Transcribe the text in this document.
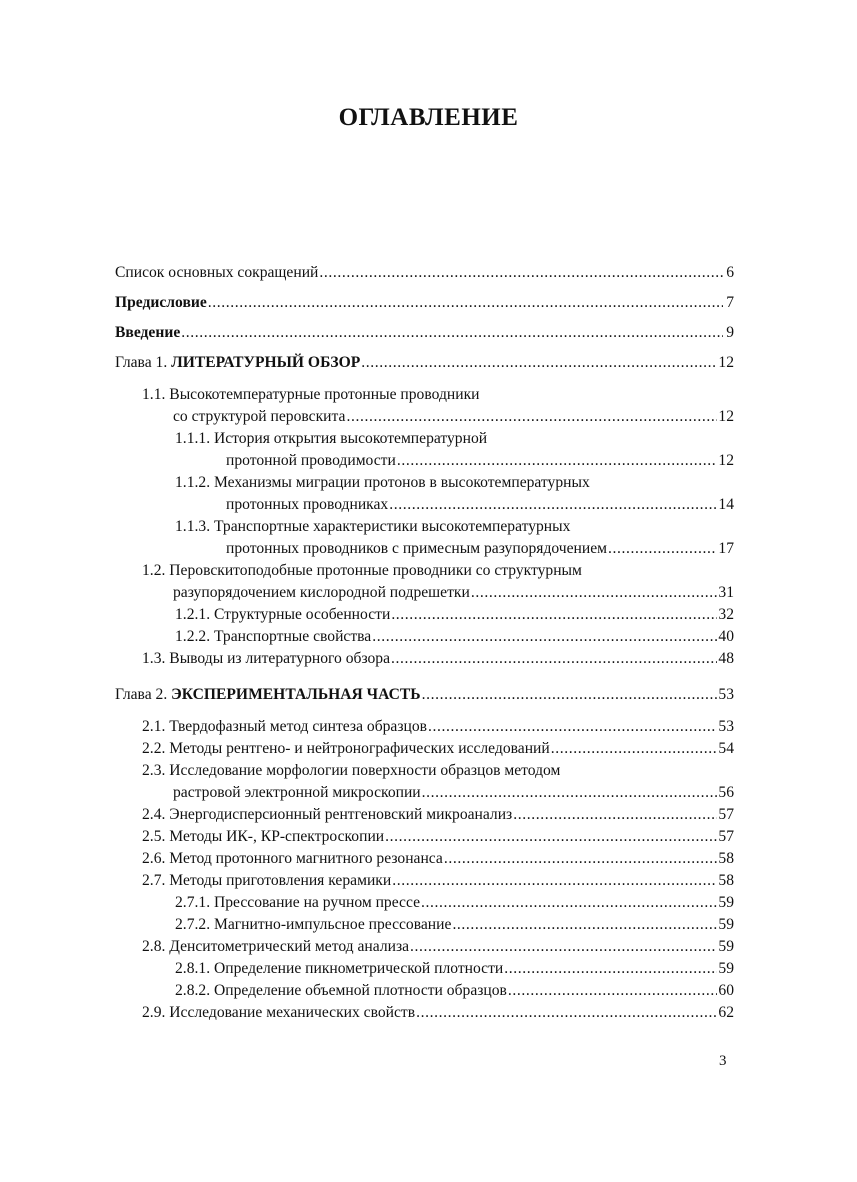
ОГЛАВЛЕНИЕ
Список основных сокращений .....	6
Предисловие .....	7
Введение .....	9
Глава 1. ЛИТЕРАТУРНЫЙ ОБЗОР .....	12
1.1. Высокотемпературные протонные проводники
со структурой перовскита .....	12
1.1.1. История открытия высокотемпературной
протонной проводимости .....	12
1.1.2. Механизмы миграции протонов в высокотемпературных
протонных проводниках .....	14
1.1.3. Транспортные характеристики высокотемпературных
протонных проводников с примесным разупорядочением .....	17
1.2. Перовскитоподобные протонные проводники со структурным
разупорядочением кислородной подрешетки .....	31
1.2.1. Структурные особенности .....	32
1.2.2. Транспортные свойства .....	40
1.3. Выводы из литературного обзора .....	48
Глава 2. ЭКСПЕРИМЕНТАЛЬНАЯ ЧАСТЬ .....	53
2.1. Твердофазный метод синтеза образцов .....	53
2.2. Методы рентгено- и нейтронографических исследований .....	54
2.3. Исследование морфологии поверхности образцов методом
растровой электронной микроскопии .....	56
2.4. Энергодисперсионный рентгеновский микроанализ .....	57
2.5. Методы ИК-, КР-спектроскопии .....	57
2.6. Метод протонного магнитного резонанса .....	58
2.7. Методы приготовления керамики .....	58
2.7.1. Прессование на ручном прессе .....	59
2.7.2. Магнитно-импульсное прессование .....	59
2.8. Денситометрический метод анализа .....	59
2.8.1. Определение пикнометрической плотности .....	59
2.8.2. Определение объемной плотности образцов .....	60
2.9. Исследование механических свойств .....	62
3
